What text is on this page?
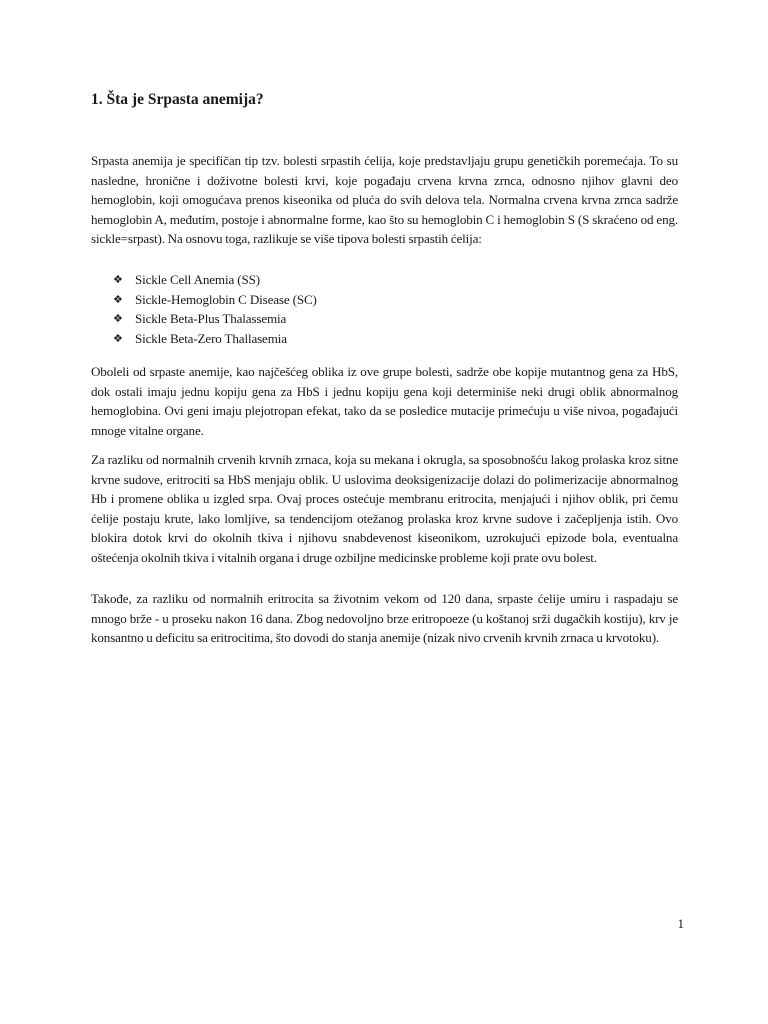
1. Šta je Srpasta anemija?

Srpasta anemija je specifičan tip tzv. bolesti srpastih ćelija, koje predstavljaju grupu genetičkih poremećaja. To su nasledne, hronične i doživotne bolesti krvi, koje pogađaju crvena krvna zrnca, odnosno njihov glavni deo hemoglobin, koji omogućava prenos kiseonika od pluća do svih delova tela. Normalna crvena krvna zrnca sadrže hemoglobin A, međutim, postoje i abnormalne forme, kao što su hemoglobin C i hemoglobin S (S skraćeno od eng. sickle=srpast). Na osnovu toga, razlikuje se više tipova bolesti srpastih ćelija:

❖ Sickle Cell Anemia (SS)
❖ Sickle-Hemoglobin C Disease (SC)
❖ Sickle Beta-Plus Thalassemia
❖ Sickle Beta-Zero Thallasemia

Oboleli od srpaste anemije, kao najčešćeg oblika iz ove grupe bolesti, sadrže obe kopije mutantnog gena za HbS, dok ostali imaju jednu kopiju gena za HbS i jednu kopiju gena koji determiniše neki drugi oblik abnormalnog hemoglobina. Ovi geni imaju plejotropan efekat, tako da se posledice mutacije primećuju u više nivoa, pogađajući mnoge vitalne organe.

Za razliku od normalnih crvenih krvnih zrnaca, koja su mekana i okrugla, sa sposobnošću lakog prolaska kroz sitne krvne sudove, eritrociti sa HbS menjaju oblik. U uslovima deoksigenizacije dolazi do polimerizacije abnormalnog Hb i promene oblika u izgled srpa. Ovaj proces ostećuje membranu eritrocita, menjajući i njihov oblik, pri čemu ćelije postaju krute, lako lomljive, sa tendencijom otežanog prolaska kroz krvne sudove i začepljenja istih. Ovo blokira dotok krvi do okolnih tkiva i njihovu snabdevenost kiseonikom, uzrokujući epizode bola, eventualna oštećenja okolnih tkiva i vitalnih organa i druge ozbiljne medicinske probleme koji prate ovu bolest.

Takođe, za razliku od normalnih eritrocita sa životnim vekom od 120 dana, srpaste ćelije umiru i raspadaju se mnogo brže - u proseku nakon 16 dana. Zbog nedovoljno brze eritropoeze (u koštanoj srži dugačkih kostiju), krv je konsantno u deficitu sa eritrocitima, što dovodi do stanja anemije (nizak nivo crvenih krvnih zrnaca u krvotoku).

1
